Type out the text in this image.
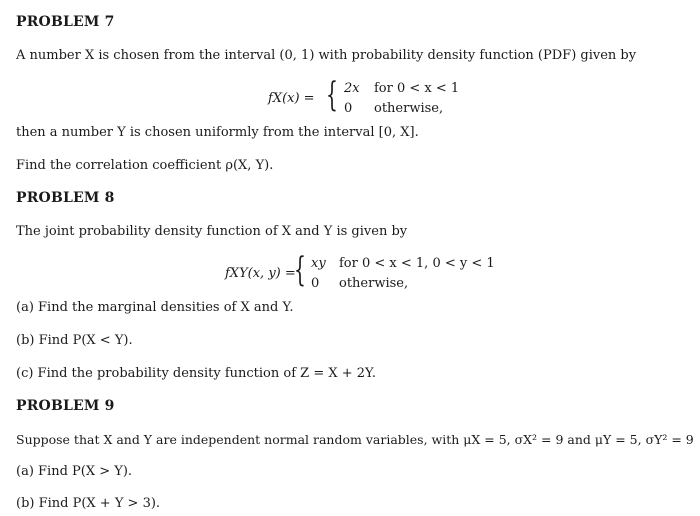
PROBLEM 7
A number X is chosen from the interval (0, 1) with probability density function (PDF) given by
fX(x) = { 2x for 0 < x < 1
0 otherwise,
then a number Y is chosen uniformly from the interval [0, X].
Find the correlation coefficient ρ(X, Y).
PROBLEM 8
The joint probability density function of X and Y is given by
fXY(x, y) =
{ xy for 0 < x < 1, 0 < y < 1
0 otherwise,
(a) Find the marginal densities of X and Y.
(b) Find P(X < Y).
(c) Find the probability density function of Z = X + 2Y.
PROBLEM 9
Suppose that X and Y are independent normal random variables, with μX = 5, σX² = 9 and μY = 5, σY² = 9
(a) Find P(X > Y).
(b) Find P(X + Y > 3).
